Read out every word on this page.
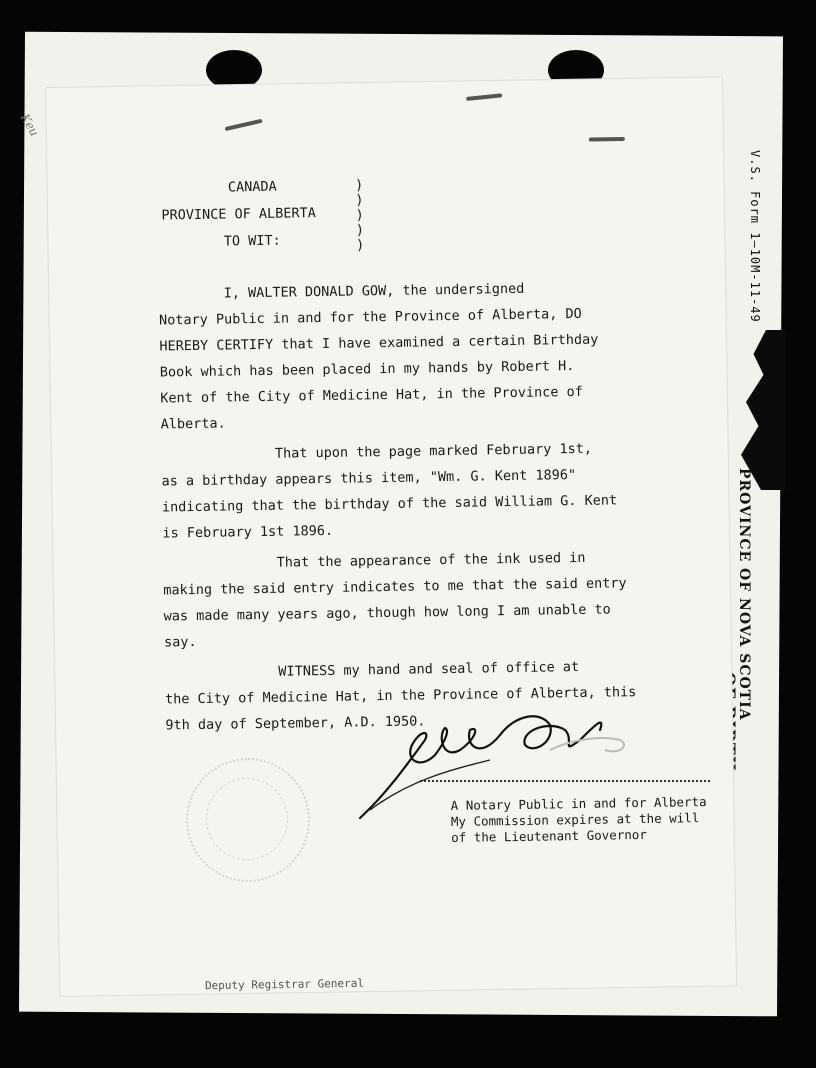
V.S. Form 1—10M-11-49
PROVINCE OF NOVA SCOTIA
Keu

CANADA

PROVINCE OF ALBERTA

TO WIT:

)
)
)
)
)

I, WALTER DONALD GOW, the undersigned

Notary Public in and for the Province of Alberta, DO

HEREBY CERTIFY that I have examined a certain Birthday

Book which has been placed in my hands by Robert H.

Kent of the City of Medicine Hat, in the Province of

Alberta.

That upon the page marked February 1st,

as a birthday appears this item, "Wm. G. Kent 1896"

indicating that the birthday of the said William G. Kent

is February 1st 1896.

That the appearance of the ink used in

making the said entry indicates to me that the said entry

was made many years ago, though how long I am unable to

say.

WITNESS my hand and seal of office at

the City of Medicine Hat, in the Province of Alberta, this

9th day of September, A.D. 1950.

A Notary Public in and for Alberta

My Commission expires at the will

of the Lieutenant Governor

Deputy Registrar General
